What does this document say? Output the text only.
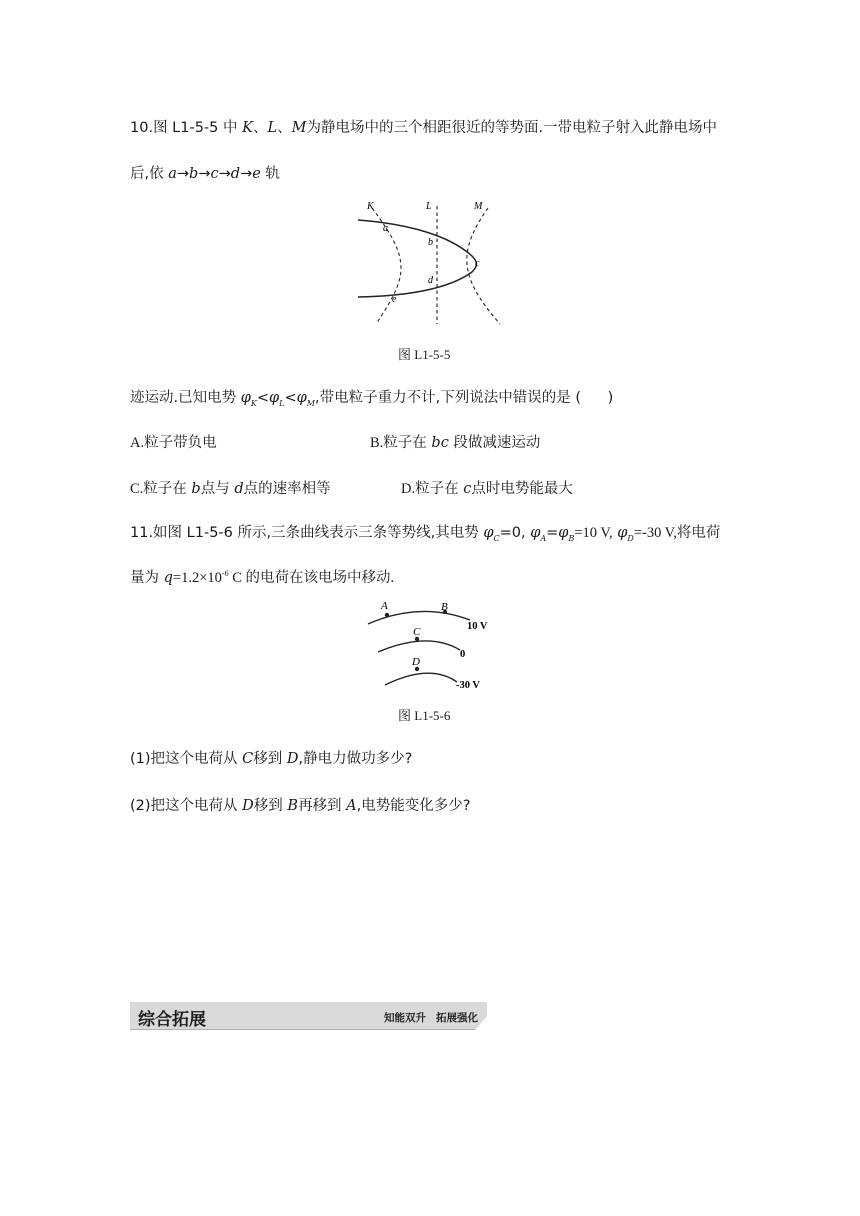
10.图 L1-5-5 中 K、L、M为静电场中的三个相距很近的等势面.一带电粒子射入此静电场中
后,依 a→b→c→d→e 轨
K	L	M
a
b
c
d
e
图 L1-5-5
迹运动.已知电势 $\varphi_K<\varphi_L<\varphi_M$,带电粒子重力不计,下列说法中错误的是 ( )
A.粒子带负电	B.粒子在 bc 段做减速运动
C.粒子在 b点与 d点的速率相等	D.粒子在 c点时电势能最大
11.如图 L1-5-6 所示,三条曲线表示三条等势线,其电势 $\varphi_C=0$, $\varphi_A=\varphi_B=10$ V, $\varphi_D=-30$ V,将电荷
量为 $q=1.2\times 10^{-6}$ C 的电荷在该电场中移动.
A	B
C
D
10 V
0
-30 V
图 L1-5-6
(1)把这个电荷从 C移到 D,静电力做功多少?
(2)把这个电荷从 D移到 B再移到 A,电势能变化多少?
综合拓展	知能双升 拓展强化
